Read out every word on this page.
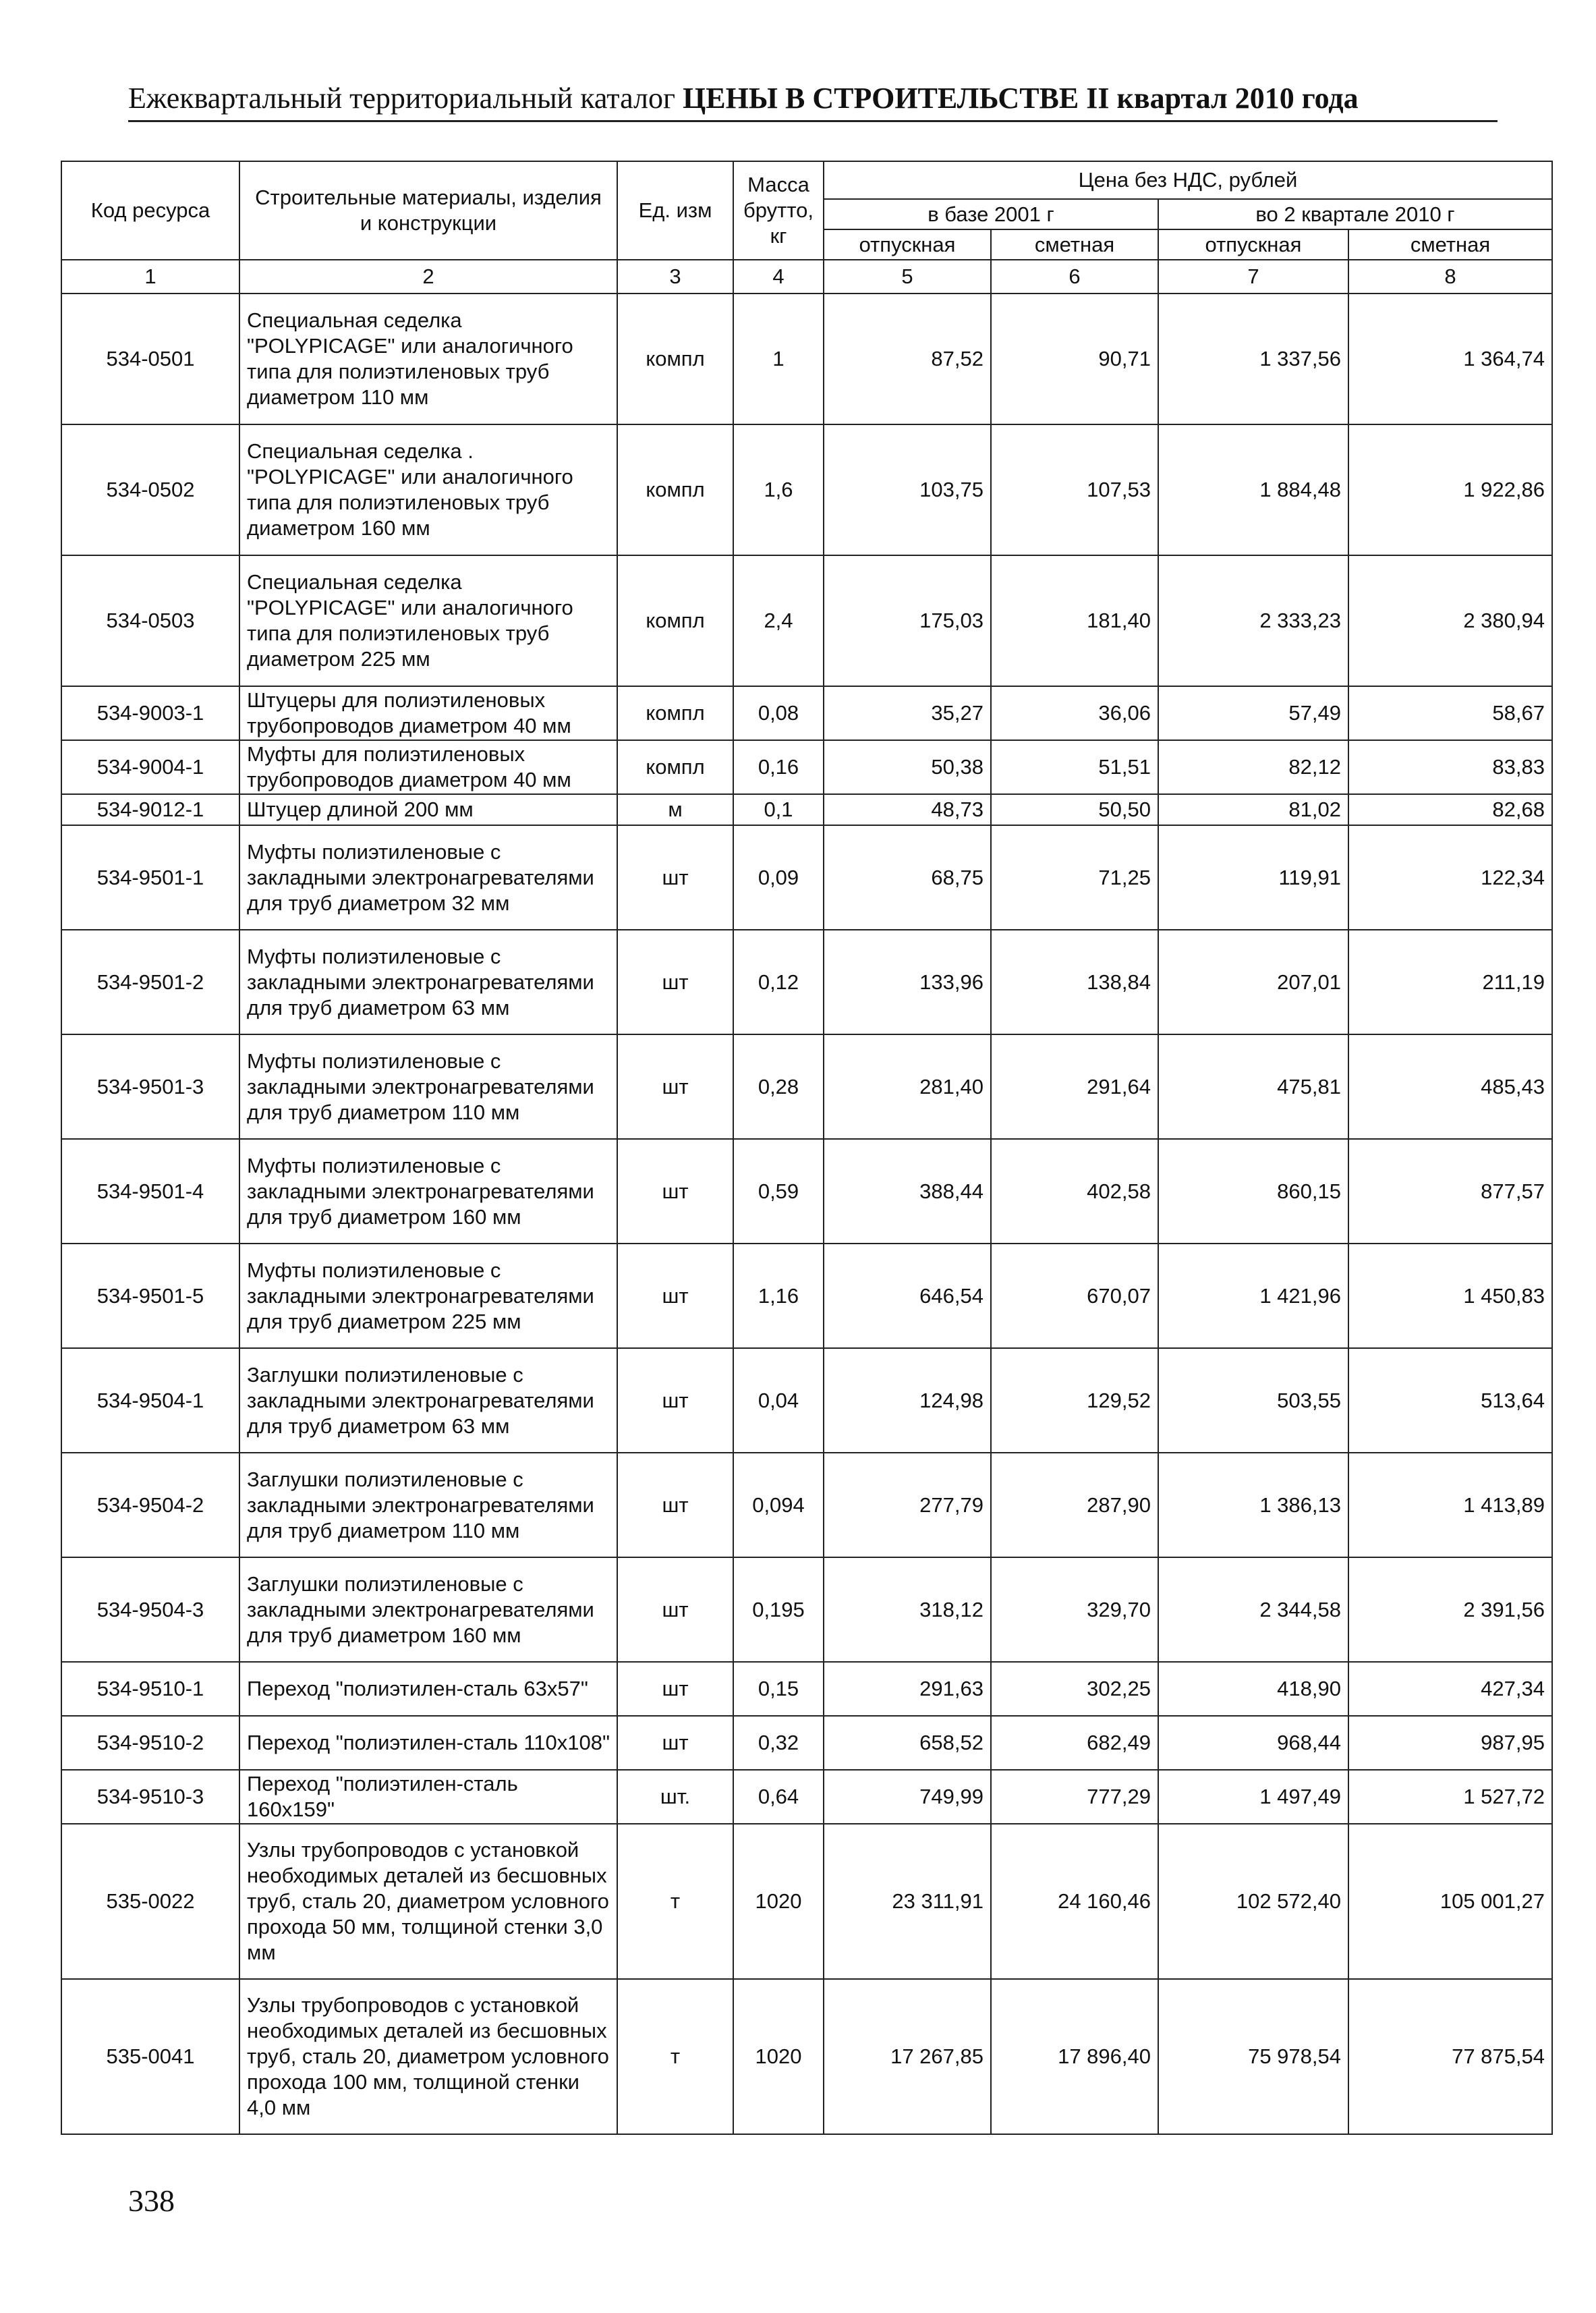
Ежеквартальный территориальный каталог ЦЕНЫ В СТРОИТЕЛЬСТВЕ II квартал 2010 года
Код ресурса	Строительные материалы, изделия и конструкции	Ед. изм	Масса брутто, кг	Цена без НДС, рублей			
				в базе 2001 г		во 2 квартале 2010 г	
				отпускная	сметная	отпускная	сметная
1	2	3	4	5	6	7	8
534-0501	Специальная седелка "POLYPICAGE" или аналогичного типа для полиэтиленовых труб диаметром 110 мм	компл	1	87,52	90,71	1 337,56	1 364,74
534-0502	Специальная седелка . "POLYPICAGE" или аналогичного типа для полиэтиленовых труб диаметром 160 мм	компл	1,6	103,75	107,53	1 884,48	1 922,86
534-0503	Специальная седелка "POLYPICAGE" или аналогичного типа для полиэтиленовых труб диаметром 225 мм	компл	2,4	175,03	181,40	2 333,23	2 380,94
534-9003-1	Штуцеры для полиэтиленовых трубопроводов диаметром 40 мм	компл	0,08	35,27	36,06	57,49	58,67
534-9004-1	Муфты для полиэтиленовых трубопроводов диаметром 40 мм	компл	0,16	50,38	51,51	82,12	83,83
534-9012-1	Штуцер длиной 200 мм	м	0,1	48,73	50,50	81,02	82,68
534-9501-1	Муфты полиэтиленовые с закладными электронагревателями для труб диаметром 32 мм	шт	0,09	68,75	71,25	119,91	122,34
534-9501-2	Муфты полиэтиленовые с закладными электронагревателями для труб диаметром 63 мм	шт	0,12	133,96	138,84	207,01	211,19
534-9501-3	Муфты полиэтиленовые с закладными электронагревателями для труб диаметром 110 мм	шт	0,28	281,40	291,64	475,81	485,43
534-9501-4	Муфты полиэтиленовые с закладными электронагревателями для труб диаметром 160 мм	шт	0,59	388,44	402,58	860,15	877,57
534-9501-5	Муфты полиэтиленовые с закладными электронагревателями для труб диаметром 225 мм	шт	1,16	646,54	670,07	1 421,96	1 450,83
534-9504-1	Заглушки полиэтиленовые с закладными электронагревателями для труб диаметром 63 мм	шт	0,04	124,98	129,52	503,55	513,64
534-9504-2	Заглушки полиэтиленовые с закладными электронагревателями для труб диаметром 110 мм	шт	0,094	277,79	287,90	1 386,13	1 413,89
534-9504-3	Заглушки полиэтиленовые с закладными электронагревателями для труб диаметром 160 мм	шт	0,195	318,12	329,70	2 344,58	2 391,56
534-9510-1	Переход "полиэтилен-сталь 63x57"	шт	0,15	291,63	302,25	418,90	427,34
534-9510-2	Переход "полиэтилен-сталь 110x108"	шт	0,32	658,52	682,49	968,44	987,95
534-9510-3	Переход "полиэтилен-сталь 160x159"	шт.	0,64	749,99	777,29	1 497,49	1 527,72
535-0022	Узлы трубопроводов с установкой необходимых деталей из бесшовных труб, сталь 20, диаметром условного прохода 50 мм, толщиной стенки 3,0 мм	т	1020	23 311,91	24 160,46	102 572,40	105 001,27
535-0041	Узлы трубопроводов с установкой необходимых деталей из бесшовных труб, сталь 20, диаметром условного прохода 100 мм, толщиной стенки 4,0 мм	т	1020	17 267,85	17 896,40	75 978,54	77 875,54
338
